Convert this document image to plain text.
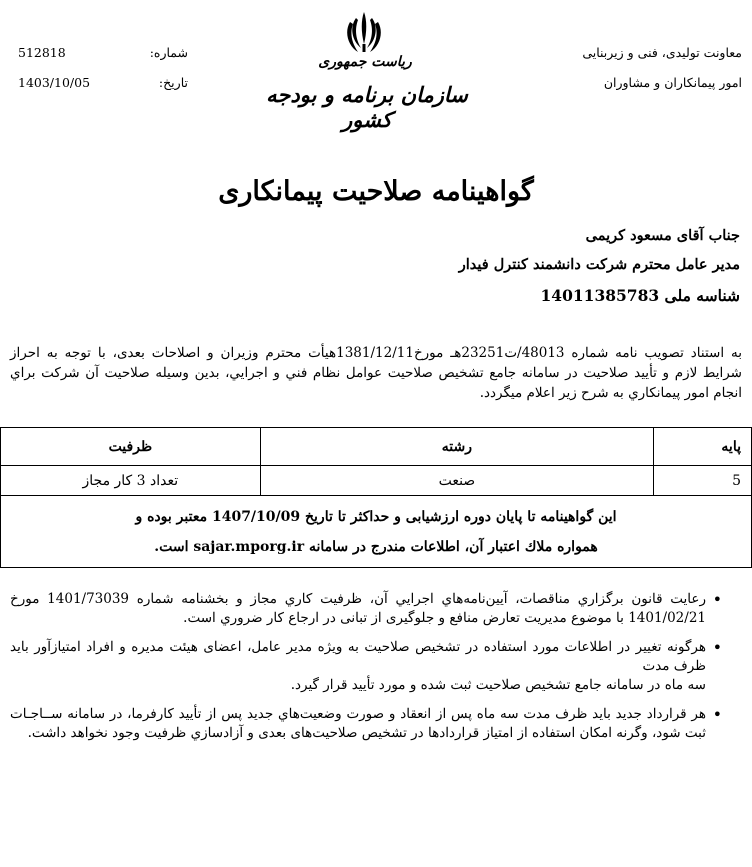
معاونت توليدی، فنی و زيربنايی
امور پيمانكاران و مشاوران
شماره:
512818
تاريخ:
1403/10/05
رياست جمهوری
سازمان برنامه و بودجه كشور
گواهینامه صلاحیت پیمانكاری
جناب آقای مسعود كريمی
مدير عامل محترم شرکت دانشمند کنترل فیدار
شناسه ملی 14011385783
به استناد تصويب نامه شماره 48013/ت23251هـ مورخ1381/12/11هيأت محترم وزيران و اصلاحات بعدی، با توجه به احراز شرايط لازم و تأييد صلاحيت در سامانه جامع تشخيص صلاحيت عوامل نظام فني و اجرايي، بدين وسيله صلاحيت آن شركت براي انجام امور پيمانكاري به شرح زير اعلام ميگردد.
پايه	رشته	ظرفيت
5	صنعت	تعداد 3 كار مجاز

اين گواهينامه تا پايان دوره ارزشيابی و حداكثر تا تاريخ 1407/10/09 معتبر بوده و
همواره ملاك اعتبار آن، اطلاعات مندرج در سامانه sajar.mporg.ir است.		
• رعايت قانون برگزاري مناقصات، آيين‌نامه‌هاي اجرايي آن، ظرفيت كاري مجاز و بخشنامه شماره 1401/73039 مورخ 1401/02/21 با موضوع مديريت تعارض منافع و جلوگيری از تبانی در ارجاع كار ضروري است.
• هرگونه تغيير در اطلاعات مورد استفاده در تشخيص صلاحيت به ويژه مدير عامل، اعضای هيئت مديره و افراد امتيازآور بايد ظرف مدت
سه ماه در سامانه جامع تشخيص صلاحيت ثبت شده و مورد تأييد قرار گيرد.
• هر قرارداد جديد بايد ظرف مدت سه ماه پس از انعقاد و صورت وضعيت‌هاي جديد پس از تأييد كارفرما، در سامانه ســاجـات ثبت شود، وگرنه امكان استفاده از امتياز قراردادها در تشخيص صلاحيت‌های بعدی و آزادسازي ظرفيت وجود نخواهد داشت.
